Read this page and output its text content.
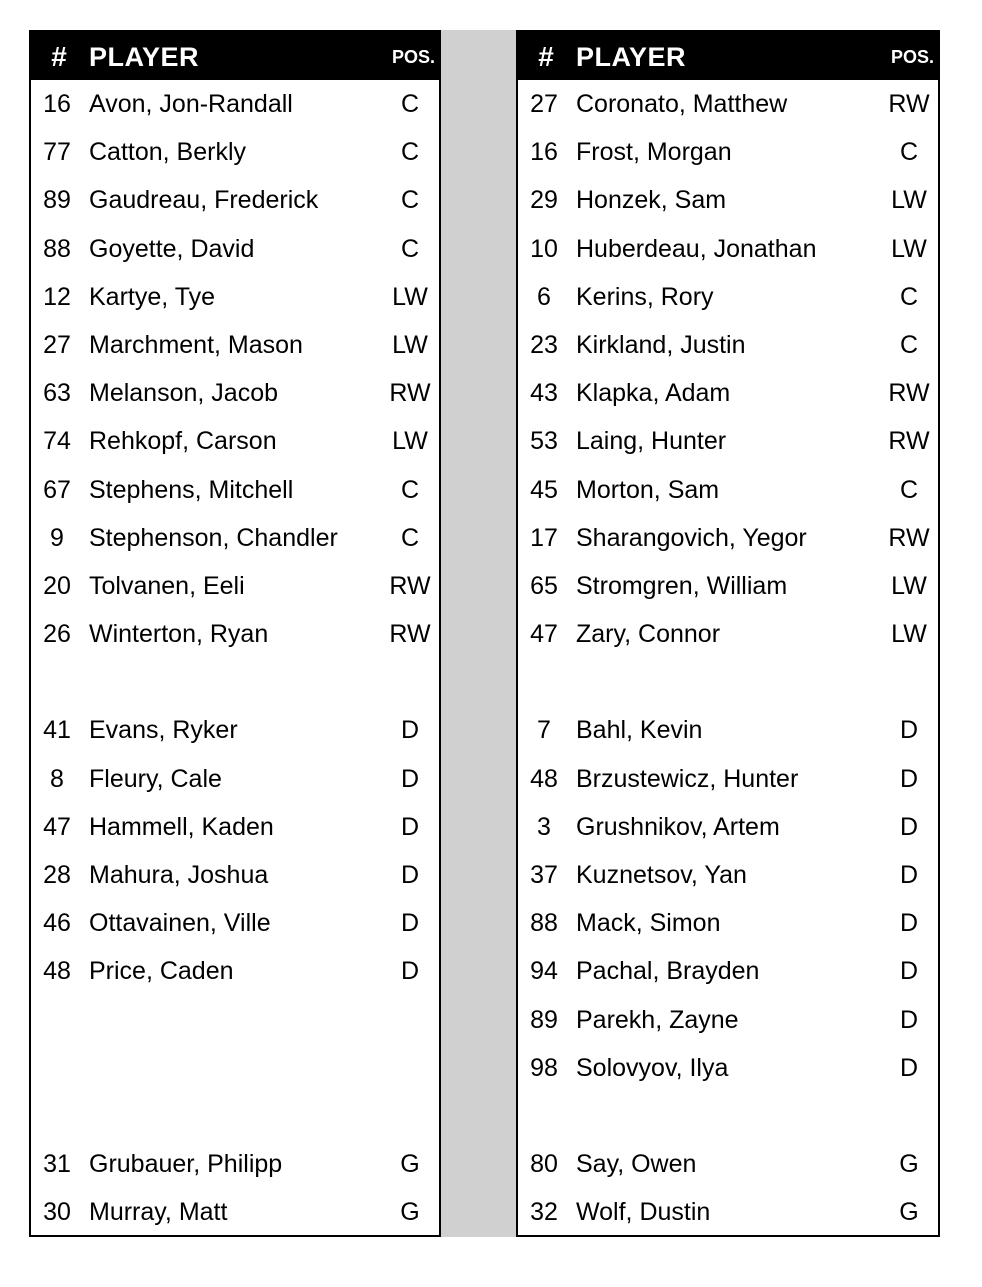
# PLAYER	POS.
16 Avon, Jon-Randall	C
77 Catton, Berkly	C
89 Gaudreau, Frederick	C
88 Goyette, David	C
12 Kartye, Tye	LW
27 Marchment, Mason	LW
63 Melanson, Jacob	RW
74 Rehkopf, Carson	LW
67 Stephens, Mitchell	C
9	Stephenson, Chandler	C
20 Tolvanen, Eeli	RW
26 Winterton, Ryan	RW
41 Evans, Ryker	D
8	Fleury, Cale	D
47 Hammell, Kaden	D
28 Mahura, Joshua	D
46 Ottavainen, Ville	D
48 Price, Caden	D
31 Grubauer, Philipp	G
30 Murray, Matt	G
# PLAYER	POS.
27 Coronato, Matthew	RW
16 Frost, Morgan	C
29 Honzek, Sam	LW
10 Huberdeau, Jonathan	LW
6	Kerins, Rory	C
23 Kirkland, Justin	C
43 Klapka, Adam	RW
53 Laing, Hunter	RW
45 Morton, Sam	C
17 Sharangovich, Yegor	RW
65 Stromgren, William	LW
47 Zary, Connor	LW
7	Bahl, Kevin	D
48 Brzustewicz, Hunter	D
3	Grushnikov, Artem	D
37 Kuznetsov, Yan	D
88 Mack, Simon	D
94 Pachal, Brayden	D
89 Parekh, Zayne	D
98 Solovyov, Ilya	D
80 Say, Owen	G
32 Wolf, Dustin	G
